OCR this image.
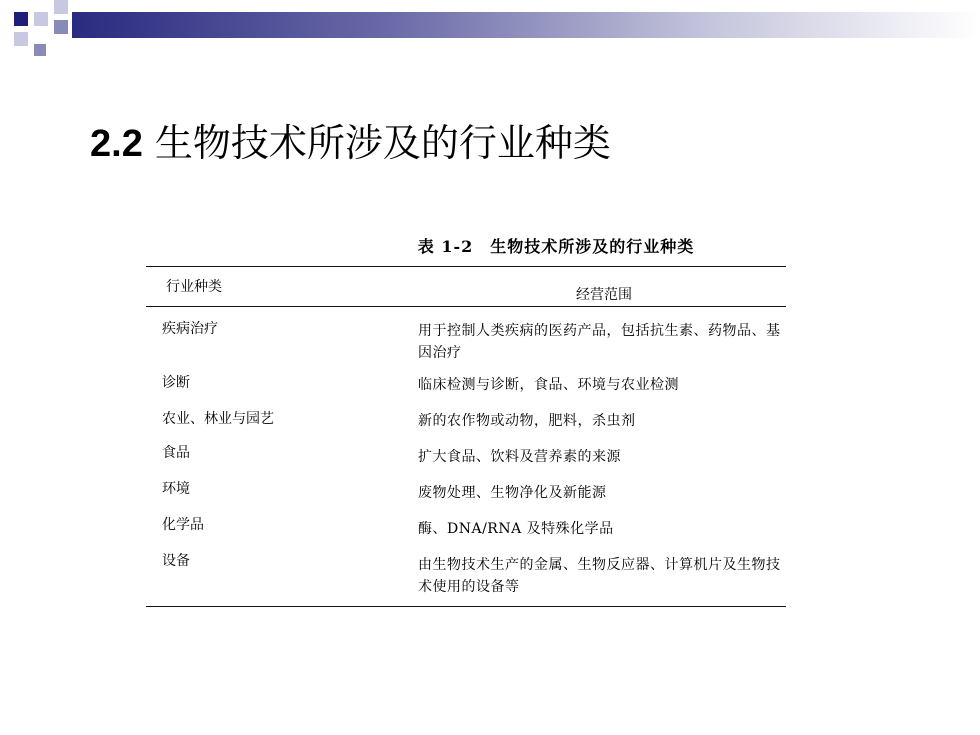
2.2 生物技术所涉及的行业种类
表 1-2　生物技术所涉及的行业种类
行业种类	经营范围
疾病治疗	用于控制人类疾病的医药产品，包括抗生素、药物品、基因治疗
诊断	临床检测与诊断，食品、环境与农业检测
农业、林业与园艺	新的农作物或动物，肥料，杀虫剂
食品	扩大食品、饮料及营养素的来源
环境	废物处理、生物净化及新能源
化学品	酶、DNA/RNA 及特殊化学品
设备	由生物技术生产的金属、生物反应器、计算机片及生物技术使用的设备等
